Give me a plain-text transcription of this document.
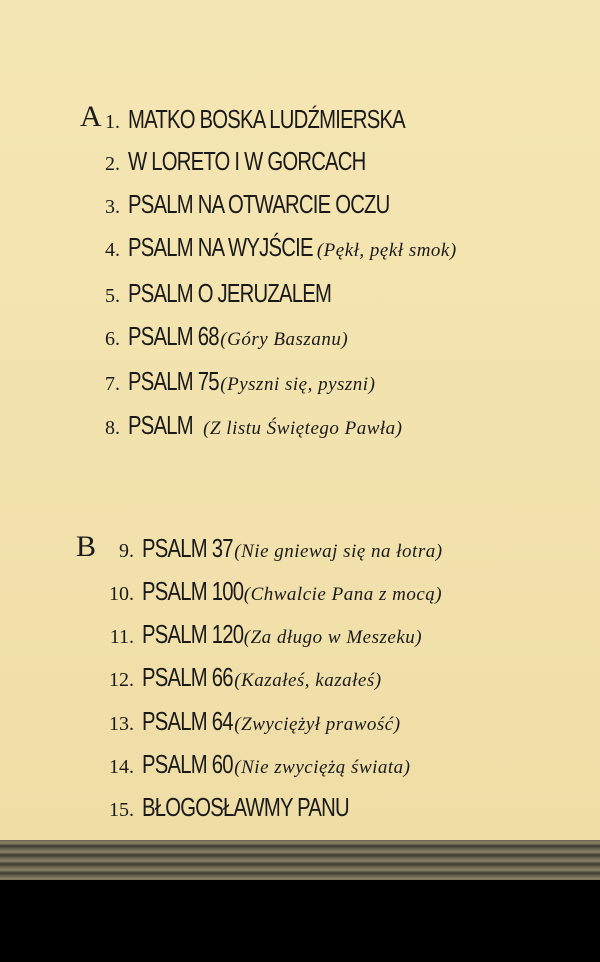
A 1. MATKO BOSKA LUDŹMIERSKA
2. W LORETO I W GORCACH
3. PSALM NA OTWARCIE OCZU
4. PSALM NA WYJŚCIE (Pękł, pękł smok)
5. PSALM O JERUZALEM
6. PSALM 68(Góry Baszanu)
7. PSALM 75(Pyszni się, pyszni)
8. PSALM (Z listu Świętego Pawła)
B	9. PSALM 37(Nie gniewaj się na łotra)
10. PSALM 100(Chwalcie Pana z mocą)
11. PSALM 120(Za długo w Meszeku)
12. PSALM 66(Kazałeś, kazałeś)
13. PSALM 64(Zwyciężył prawość)
14. PSALM 60(Nie zwyciężą świata)
15. BŁOGOSŁAWMY PANU
